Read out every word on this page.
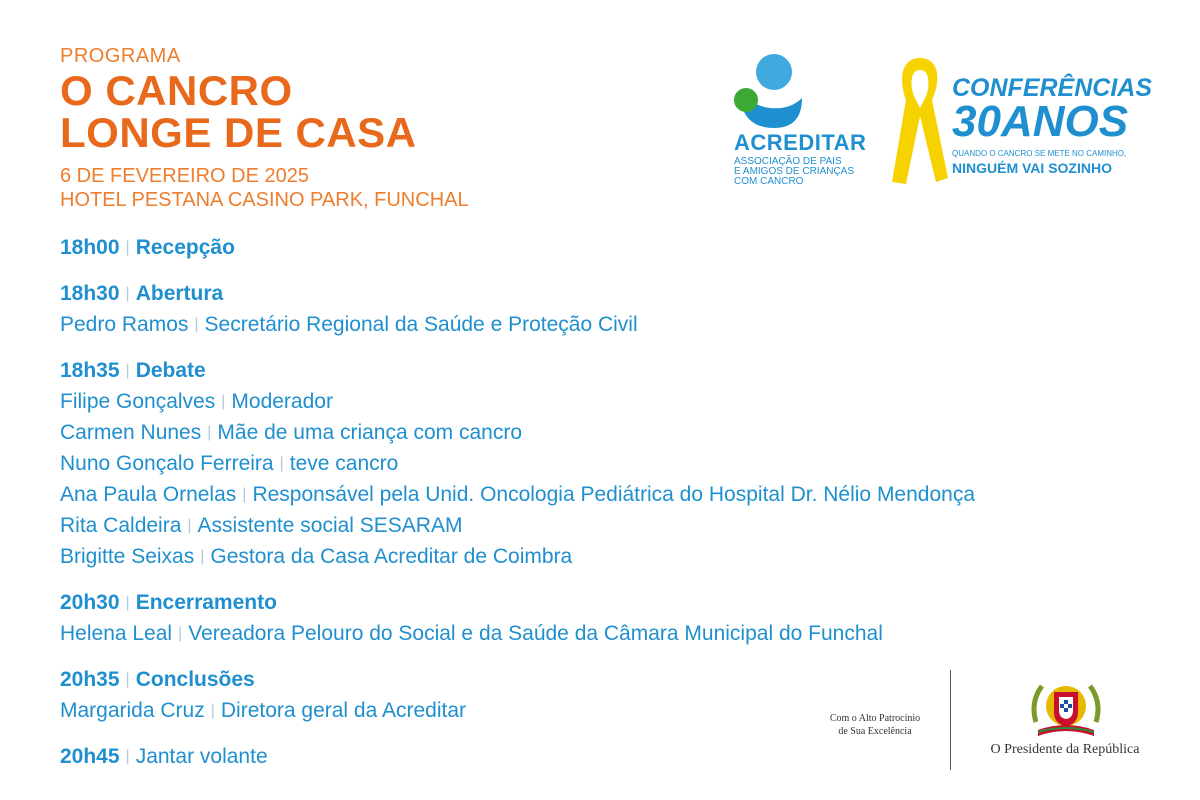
PROGRAMA
O CANCRO
LONGE DE CASA
6 DE FEVEREIRO DE 2025
HOTEL PESTANA CASINO PARK, FUNCHAL
ACREDITAR
ASSOCIAÇÃO DE PAIS
E AMIGOS DE CRIANÇAS
COM CANCRO
CONFERÊNCIAS
30ANOS
QUANDO O CANCRO SE METE NO CAMINHO,
NINGUÉM VAI SOZINHO
18h00 | Recepção
18h30 | Abertura
Pedro Ramos | Secretário Regional da Saúde e Proteção Civil
18h35 | Debate
Filipe Gonçalves | Moderador
Carmen Nunes | Mãe de uma criança com cancro
Nuno Gonçalo Ferreira | teve cancro
Ana Paula Ornelas | Responsável pela Unid. Oncologia Pediátrica do Hospital Dr. Nélio Mendonça
Rita Caldeira | Assistente social SESARAM
Brigitte Seixas | Gestora da Casa Acreditar de Coimbra
20h30 | Encerramento
Helena Leal | Vereadora Pelouro do Social e da Saúde da Câmara Municipal do Funchal
20h35 | Conclusões
Margarida Cruz | Diretora geral da Acreditar
20h45 | Jantar volante
Com o Alto Patrocínio
de Sua Excelência
O Presidente da República
